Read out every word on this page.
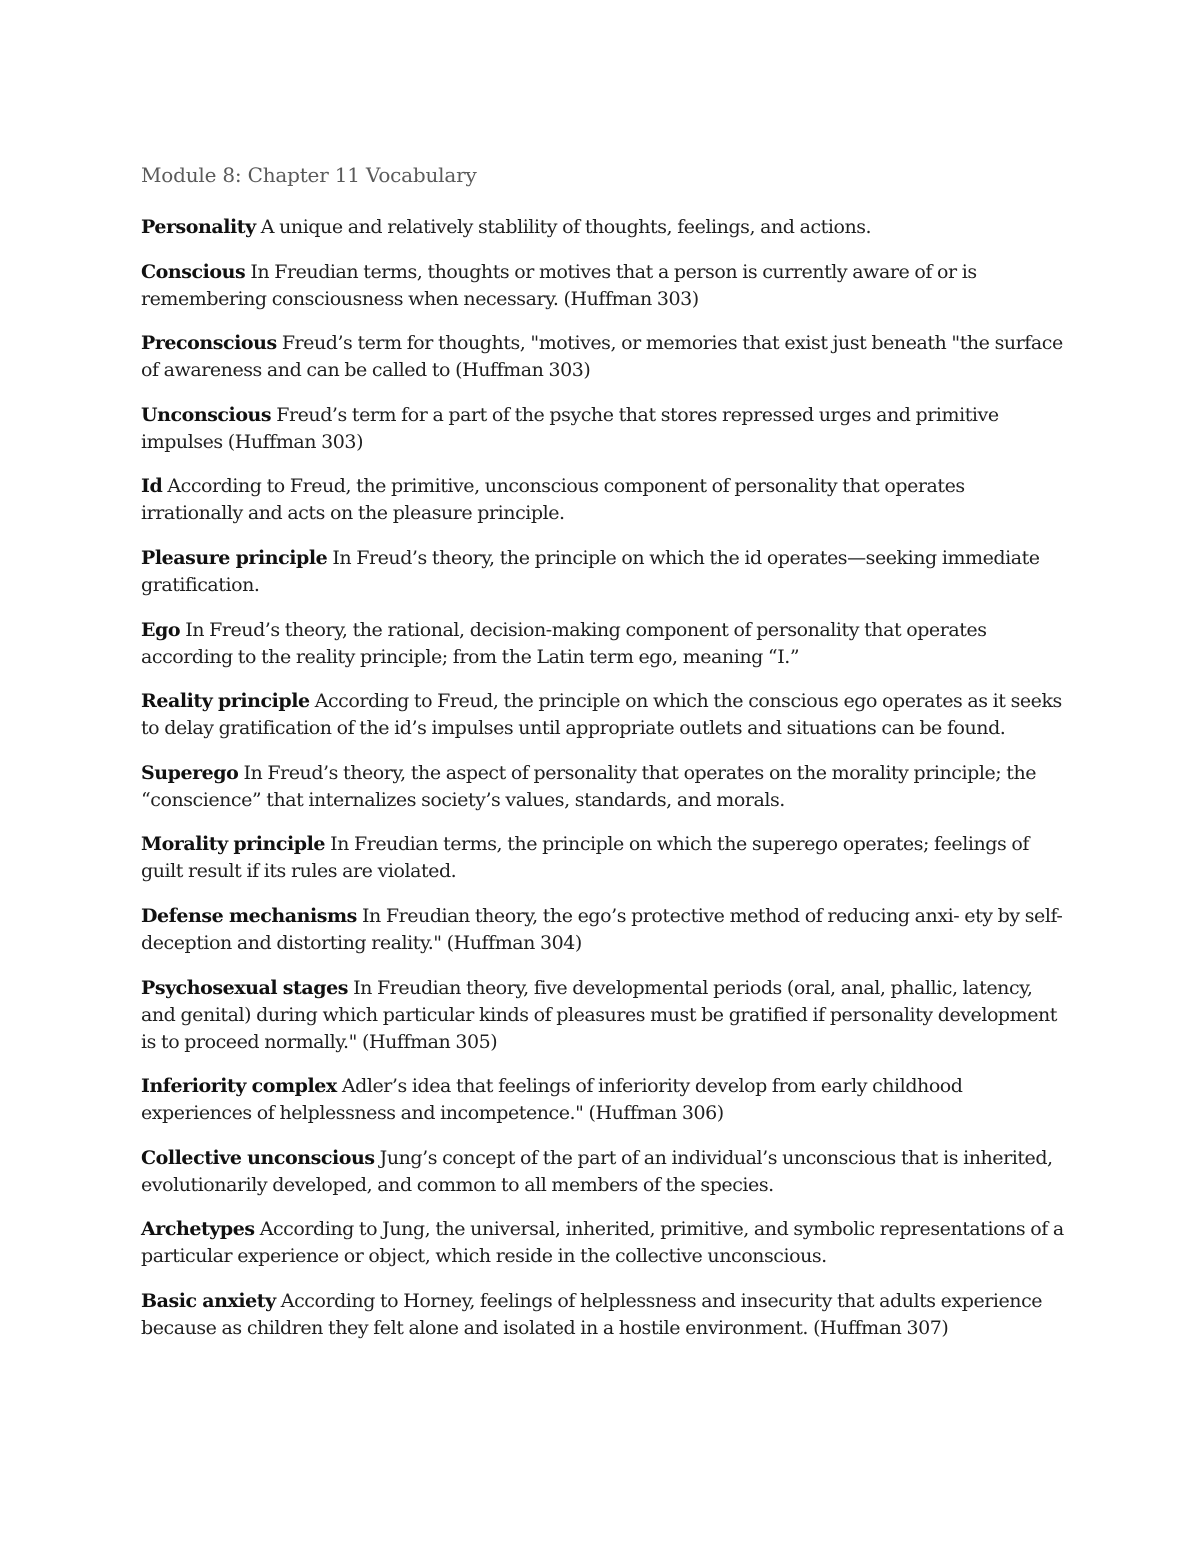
Module 8: Chapter 11 Vocabulary
Personality A unique and relatively stablility of thoughts, feelings, and actions.
Conscious In Freudian terms, thoughts or motives that a person is currently aware of or is remembering consciousness when necessary. (Huffman 303)
Preconscious Freud’s term for thoughts, "motives, or memories that exist just beneath "the surface of awareness and can be called to (Huffman 303)
Unconscious Freud’s term for a part of the psyche that stores repressed urges and primitive impulses (Huffman 303)
Id According to Freud, the primitive, unconscious component of personality that operates irrationally and acts on the pleasure principle.
Pleasure principle In Freud’s theory, the principle on which the id operates—seeking immediate gratification.
Ego In Freud’s theory, the rational, decision-making component of personality that operates according to the reality principle; from the Latin term ego, meaning “I.”
Reality principle According to Freud, the principle on which the conscious ego operates as it seeks to delay gratification of the id’s impulses until appropriate outlets and situations can be found.
Superego In Freud’s theory, the aspect of personality that operates on the morality principle; the “conscience” that internalizes society’s values, standards, and morals.
Morality principle In Freudian terms, the principle on which the superego operates; feelings of guilt result if its rules are violated.
Defense mechanisms In Freudian theory, the ego’s protective method of reducing anxi- ety by self-deception and distorting reality." (Huffman 304)
Psychosexual stages In Freudian theory, five developmental periods (oral, anal, phallic, latency, and genital) during which particular kinds of pleasures must be gratified if personality development is to proceed normally." (Huffman 305)
Inferiority complex Adler’s idea that feelings of inferiority develop from early childhood experiences of helplessness and incompetence." (Huffman 306)
Collective unconscious Jung’s concept of the part of an individual’s unconscious that is inherited, evolutionarily developed, and common to all members of the species.
Archetypes According to Jung, the universal, inherited, primitive, and symbolic representations of a particular experience or object, which reside in the collective unconscious.
Basic anxiety According to Horney, feelings of helplessness and insecurity that adults experience because as children they felt alone and isolated in a hostile environment. (Huffman 307)
